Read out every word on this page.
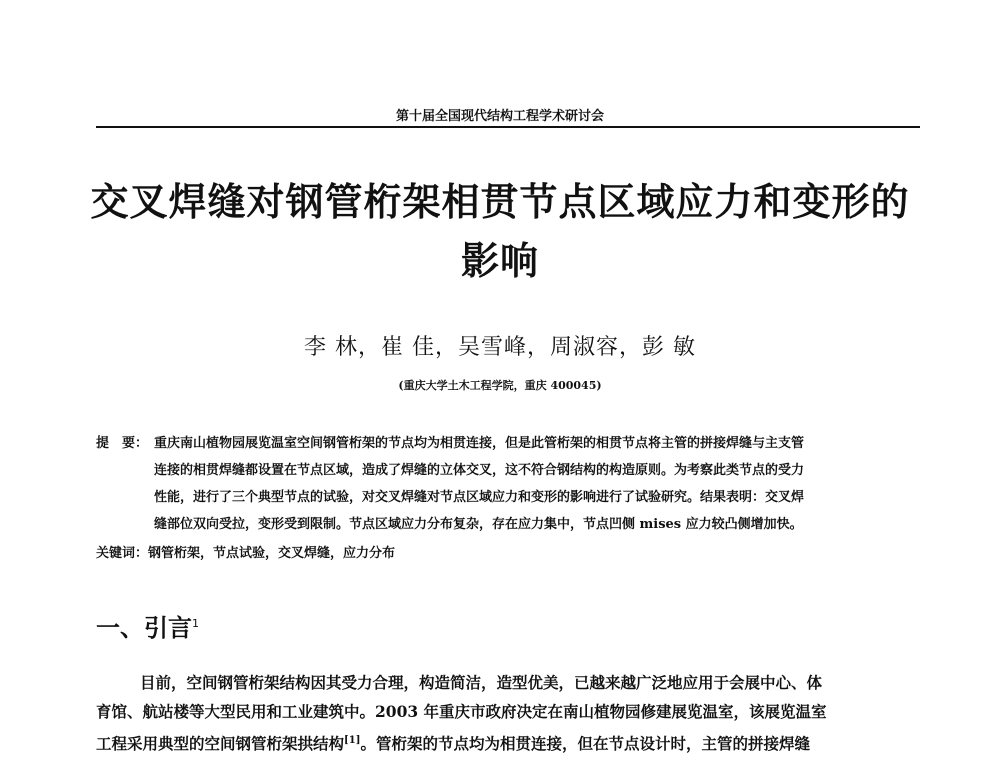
第十届全国现代结构工程学术研讨会
交叉焊缝对钢管桁架相贯节点区域应力和变形的
影响
李 林，崔 佳，吴雪峰，周淑容，彭 敏
(重庆大学土木工程学院，重庆 400045)
提　要： 重庆南山植物园展览温室空间钢管桁架的节点均为相贯连接，但是此管桁架的相贯节点将主管的拼接焊缝与主支管
连接的相贯焊缝都设置在节点区域，造成了焊缝的立体交叉，这不符合钢结构的构造原则。为考察此类节点的受力
性能，进行了三个典型节点的试验，对交叉焊缝对节点区域应力和变形的影响进行了试验研究。结果表明：交叉焊
缝部位双向受拉，变形受到限制。节点区域应力分布复杂，存在应力集中，节点凹侧 mises 应力较凸侧增加快。
关键词：钢管桁架，节点试验，交叉焊缝，应力分布
一、引言$^1$
目前，空间钢管桁架结构因其受力合理，构造简洁，造型优美，已越来越广泛地应用于会展中心、体
育馆、航站楼等大型民用和工业建筑中。2003 年重庆市政府决定在南山植物园修建展览温室，该展览温室
工程采用典型的空间钢管桁架拱结构[1]。管桁架的节点均为相贯连接，但在节点设计时，主管的拼接焊缝
